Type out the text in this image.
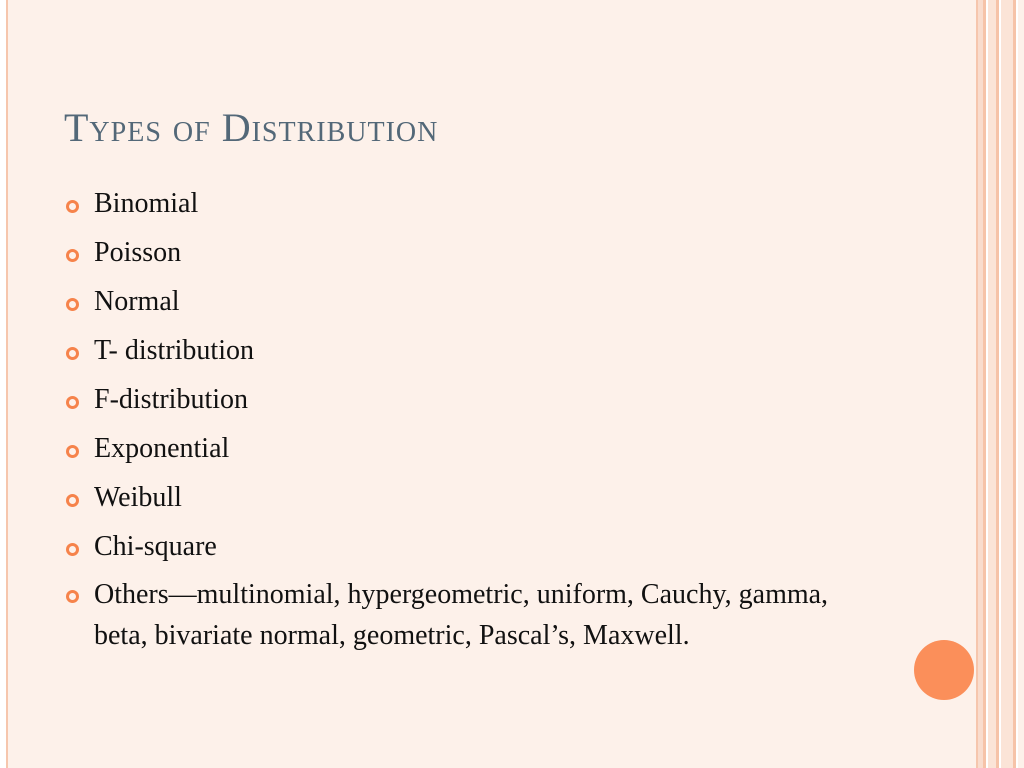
Types of Distribution
Binomial
Poisson
Normal
T- distribution
F-distribution
Exponential
Weibull
Chi-square
Others—multinomial, hypergeometric, uniform, Cauchy, gamma, beta, bivariate normal, geometric, Pascal’s, Maxwell.
